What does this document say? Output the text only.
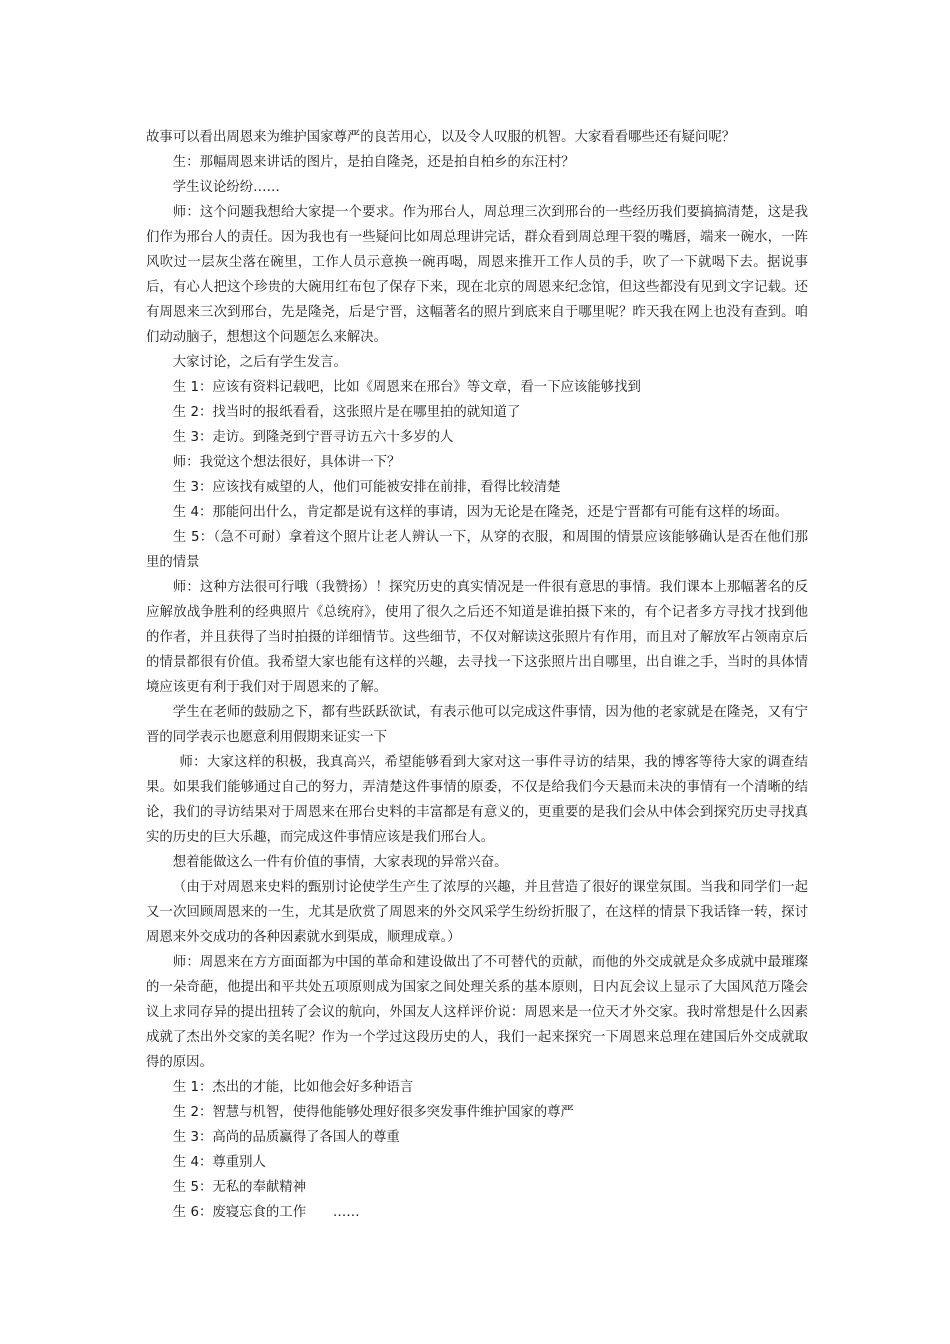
故事可以看出周恩来为维护国家尊严的良苦用心，以及令人叹服的机智。大家看看哪些还有疑问呢？

生：那幅周恩来讲话的图片，是拍自隆尧，还是拍自柏乡的东汪村？

学生议论纷纷……

师：这个问题我想给大家提一个要求。作为邢台人，周总理三次到邢台的一些经历我们要搞搞清楚，这是我们作为邢台人的责任。因为我也有一些疑问比如周总理讲完话，群众看到周总理干裂的嘴唇，端来一碗水，一阵风吹过一层灰尘落在碗里，工作人员示意换一碗再喝，周恩来推开工作人员的手，吹了一下就喝下去。据说事后，有心人把这个珍贵的大碗用红布包了保存下来，现在北京的周恩来纪念馆，但这些都没有见到文字记载。还有周恩来三次到邢台，先是隆尧，后是宁晋，这幅著名的照片到底来自于哪里呢？昨天我在网上也没有查到。咱们动动脑子，想想这个问题怎么来解决。

大家讨论，之后有学生发言。

生 1：应该有资料记载吧，比如《周恩来在邢台》等文章，看一下应该能够找到

生 2：找当时的报纸看看，这张照片是在哪里拍的就知道了

生 3：走访。到隆尧到宁晋寻访五六十多岁的人

师：我觉这个想法很好，具体讲一下？

生 3：应该找有威望的人，他们可能被安排在前排，看得比较清楚

生 4：那能问出什么，肯定都是说有这样的事请，因为无论是在隆尧，还是宁晋都有可能有这样的场面。

生 5：（急不可耐）拿着这个照片让老人辨认一下，从穿的衣服，和周围的情景应该能够确认是否在他们那里的情景

师：这种方法很可行哦（我赞扬）！探究历史的真实情况是一件很有意思的事情。我们课本上那幅著名的反应解放战争胜利的经典照片《总统府》，使用了很久之后还不知道是谁拍摄下来的，有个记者多方寻找才找到他的作者，并且获得了当时拍摄的详细情节。这些细节，不仅对解读这张照片有作用，而且对了解放军占领南京后的情景都很有价值。我希望大家也能有这样的兴趣，去寻找一下这张照片出自哪里，出自谁之手，当时的具体情境应该更有利于我们对于周恩来的了解。

学生在老师的鼓励之下，都有些跃跃欲试，有表示他可以完成这件事情，因为他的老家就是在隆尧，又有宁晋的同学表示也愿意利用假期来证实一下

师：大家这样的积极，我真高兴，希望能够看到大家对这一事件寻访的结果，我的博客等待大家的调查结果。如果我们能够通过自己的努力，弄清楚这件事情的原委，不仅是给我们今天悬而未决的事情有一个清晰的结论，我们的寻访结果对于周恩来在邢台史料的丰富都是有意义的，更重要的是我们会从中体会到探究历史寻找真实的历史的巨大乐趣，而完成这件事情应该是我们邢台人。

想着能做这么一件有价值的事情，大家表现的异常兴奋。

（由于对周恩来史料的甄别讨论使学生产生了浓厚的兴趣，并且营造了很好的课堂氛围。当我和同学们一起又一次回顾周恩来的一生，尤其是欣赏了周恩来的外交风采学生纷纷折服了，在这样的情景下我话锋一转，探讨周恩来外交成功的各种因素就水到渠成，顺理成章。）

师：周恩来在方方面面都为中国的革命和建设做出了不可替代的贡献，而他的外交成就是众多成就中最璀璨的一朵奇葩，他提出和平共处五项原则成为国家之间处理关系的基本原则，日内瓦会议上显示了大国风范万隆会议上求同存异的提出扭转了会议的航向，外国友人这样评价说：周恩来是一位天才外交家。我时常想是什么因素成就了杰出外交家的美名呢？作为一个学过这段历史的人，我们一起来探究一下周恩来总理在建国后外交成就取得的原因。

生 1：杰出的才能，比如他会好多种语言

生 2：智慧与机智，使得他能够处理好很多突发事件维护国家的尊严

生 3：高尚的品质赢得了各国人的尊重

生 4：尊重别人

生 5：无私的奉献精神

生 6：废寝忘食的工作　　……
